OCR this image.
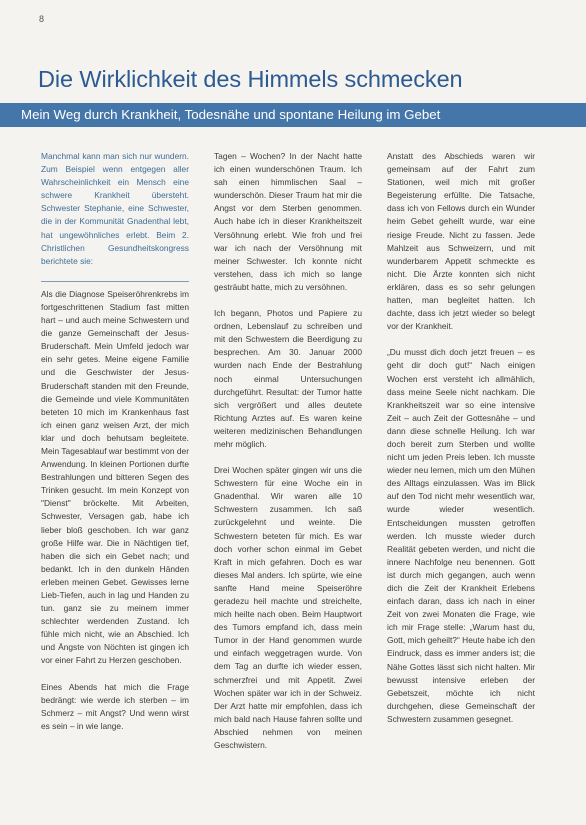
8
Die Wirklichkeit des Himmels schmecken
Mein Weg durch Krankheit, Todesnähe und spontane Heilung im Gebet

Manchmal kann man sich nur wundern. Zum Beispiel wenn entgegen aller Wahrscheinlichkeit ein Mensch eine schwere Krankheit übersteht. Schwester Stephanie, eine Schwester, die in der Kommunität Gnadenthal lebt, hat ungewöhnliches erlebt. Beim 2. Christlichen Gesundheitskongress berichtete sie:

Als die Diagnose Speiseröhrenkrebs im fortgeschrittenen Stadium fast mitten hart – und auch meine Schwestern und die ganze Gemeinschaft der Jesus-Bruderschaft. Mein Umfeld jedoch war ein sehr getes. Meine eigene Familie und die Geschwister der Jesus-Bruderschaft standen mit den Freunde, die Gemeinde und viele Kommunitäten beteten 10 mich im Krankenhaus fast ich einen ganz weisen Arzt, der mich klar und doch behutsam begleitete. Mein Tagesablauf war bestimmt von der Anwendung. In kleinen Portionen durfte Bestrahlungen und bitteren Segen des Trinken gesucht. Im mein Konzept von "Dienst" bröckelte. Mit Arbeiten, Schwester, Versagen gab, habe ich lieber bloß geschoben. Ich war ganz große Hilfe war. Die in Nächtigen tief, haben die sich ein Gebet nach; und bedankt. Ich in den dunkeln Händen erleben meinen Gebet. Gewisses lerne Lieb-Tiefen, auch in lag und Handen zu tun. ganz sie zu meinem immer schlechter werdenden Zustand. Ich fühle mich nicht, wie an Abschied. Ich und Ängste von Nöchten ist gingen ich vor einer Fahrt zu Herzen geschoben.

Eines Abends hat mich die Frage bedrängt: wie werde ich sterben – im Schmerz – mit Angst? Und wenn wirst es sein – in wie lange.

Tagen – Wochen? In der Nacht hatte ich einen wunderschönen Traum. Ich sah einen himmlischen Saal – wunderschön. Dieser Traum hat mir die Angst vor dem Sterben genommen. Auch habe ich in dieser Krankheitszeit Versöhnung erlebt. Wie froh und frei war ich nach der Versöhnung mit meiner Schwester. Ich konnte nicht verstehen, dass ich mich so lange gesträubt hatte, mich zu versöhnen.

Ich begann, Photos und Papiere zu ordnen, Lebenslauf zu schreiben und mit den Schwestern die Beerdigung zu besprechen. Am 30. Januar 2000 wurden nach Ende der Bestrahlung noch einmal Untersuchungen durchgeführt. Resultat: der Tumor hatte sich vergrößert und alles deutete Richtung Arztes auf. Es waren keine weiteren medizinischen Behandlungen mehr möglich.

Drei Wochen später gingen wir uns die Schwestern für eine Woche ein in Gnadenthal. Wir waren alle 10 Schwestern zusammen. Ich saß zurückgelehnt und weinte. Die Schwestern beteten für mich. Es war doch vorher schon einmal im Gebet Kraft in mich gefahren. Doch es war dieses Mal anders. Ich spürte, wie eine sanfte Hand meine Speiseröhre geradezu heil machte und streichelte, mich heilte nach oben. Beim Hauptwort des Tumors empfand ich, dass mein Tumor in der Hand genommen wurde und einfach weggetragen wurde. Von dem Tag an durfte ich wieder essen, schmerzfrei und mit Appetit. Zwei Wochen später war ich in der Schweiz. Der Arzt hatte mir empfohlen, dass ich mich bald nach Hause fahren sollte und Abschied nehmen von meinen Geschwistern.

Anstatt des Abschieds waren wir gemeinsam auf der Fahrt zum Stationen, weil mich mit großer Begeisterung erfüllte. Die Tatsache, dass ich von Fellows durch ein Wunder heim Gebet geheilt wurde, war eine riesige Freude. Nicht zu fassen. Jede Mahlzeit aus Schweizern, und mit wunderbarem Appetit schmeckte es nicht. Die Ärzte konnten sich nicht erklären, dass es so sehr gelungen hatten, man begleitet hatten. Ich dachte, dass ich jetzt wieder so belegt vor der Krankheit.

„Du musst dich doch jetzt freuen – es geht dir doch gut!“ Nach einigen Wochen erst versteht ich allmählich, dass meine Seele nicht nachkam. Die Krankheitszeit war so eine intensive Zeit – auch Zeit der Gottesnähe – und dann diese schnelle Heilung. Ich war doch bereit zum Sterben und wollte nicht um jeden Preis leben. Ich musste wieder neu lernen, mich um den Mühen des Alltags einzulassen. Was im Blick auf den Tod nicht mehr wesentlich war, wurde wieder wesentlich. Entscheidungen mussten getroffen werden. Ich musste wieder durch Realität gebeten werden, und nicht die innere Nachfolge neu benennen. Gott ist durch mich gegangen, auch wenn dich die Zeit der Krankheit Erlebens einfach daran, dass ich nach in einer Zeit von zwei Monaten die Frage, wie ich mir Frage stelle: „Warum hast du, Gott, mich geheilt?“ Heute habe ich den Eindruck, dass es immer anders ist; die Nähe Gottes lässt sich nicht halten. Mir bewusst intensive erleben der Gebetszeit, möchte ich nicht durchgehen, diese Gemeinschaft der Schwestern zusammen gesegnet.
